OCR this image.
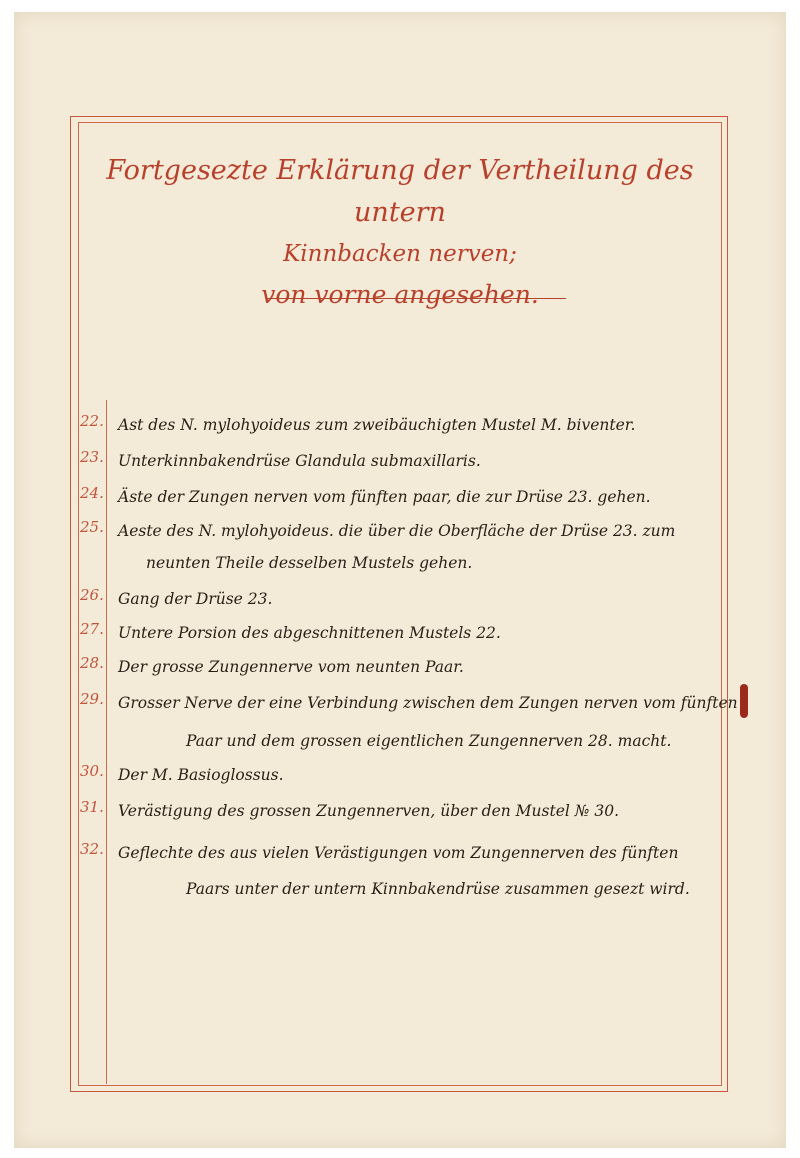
Fortgesezte Erklärung der Vertheilung des untern
Kinnbacken nerven;
von vorne angesehen.
22. Ast des N. mylohyoideus zum zweibäuchigten Mustel M. biventer.
23. Unterkinnbakendrüse Glandula submaxillaris.
24. Äste der Zungen nerven vom fünften paar, die zur Drüse 23. gehen.
25. Aeste des N. mylohyoideus. die über die Oberfläche der Drüse 23. zum
neunten Theile desselben Mustels gehen.
26. Gang der Drüse 23.
27. Untere Porsion des abgeschnittenen Mustels 22.
28. Der grosse Zungennerve vom neunten Paar.
29. Grosser Nerve der eine Verbindung zwischen dem Zungen nerven vom fünften
Paar und dem grossen eigentlichen Zungennerven 28. macht.
30. Der M. Basioglossus.
31. Verästigung des grossen Zungennerven, über den Mustel № 30.
32. Geflechte des aus vielen Verästigungen vom Zungennerven des fünften
Paars unter der untern Kinnbakendrüse zusammen gesezt wird.
